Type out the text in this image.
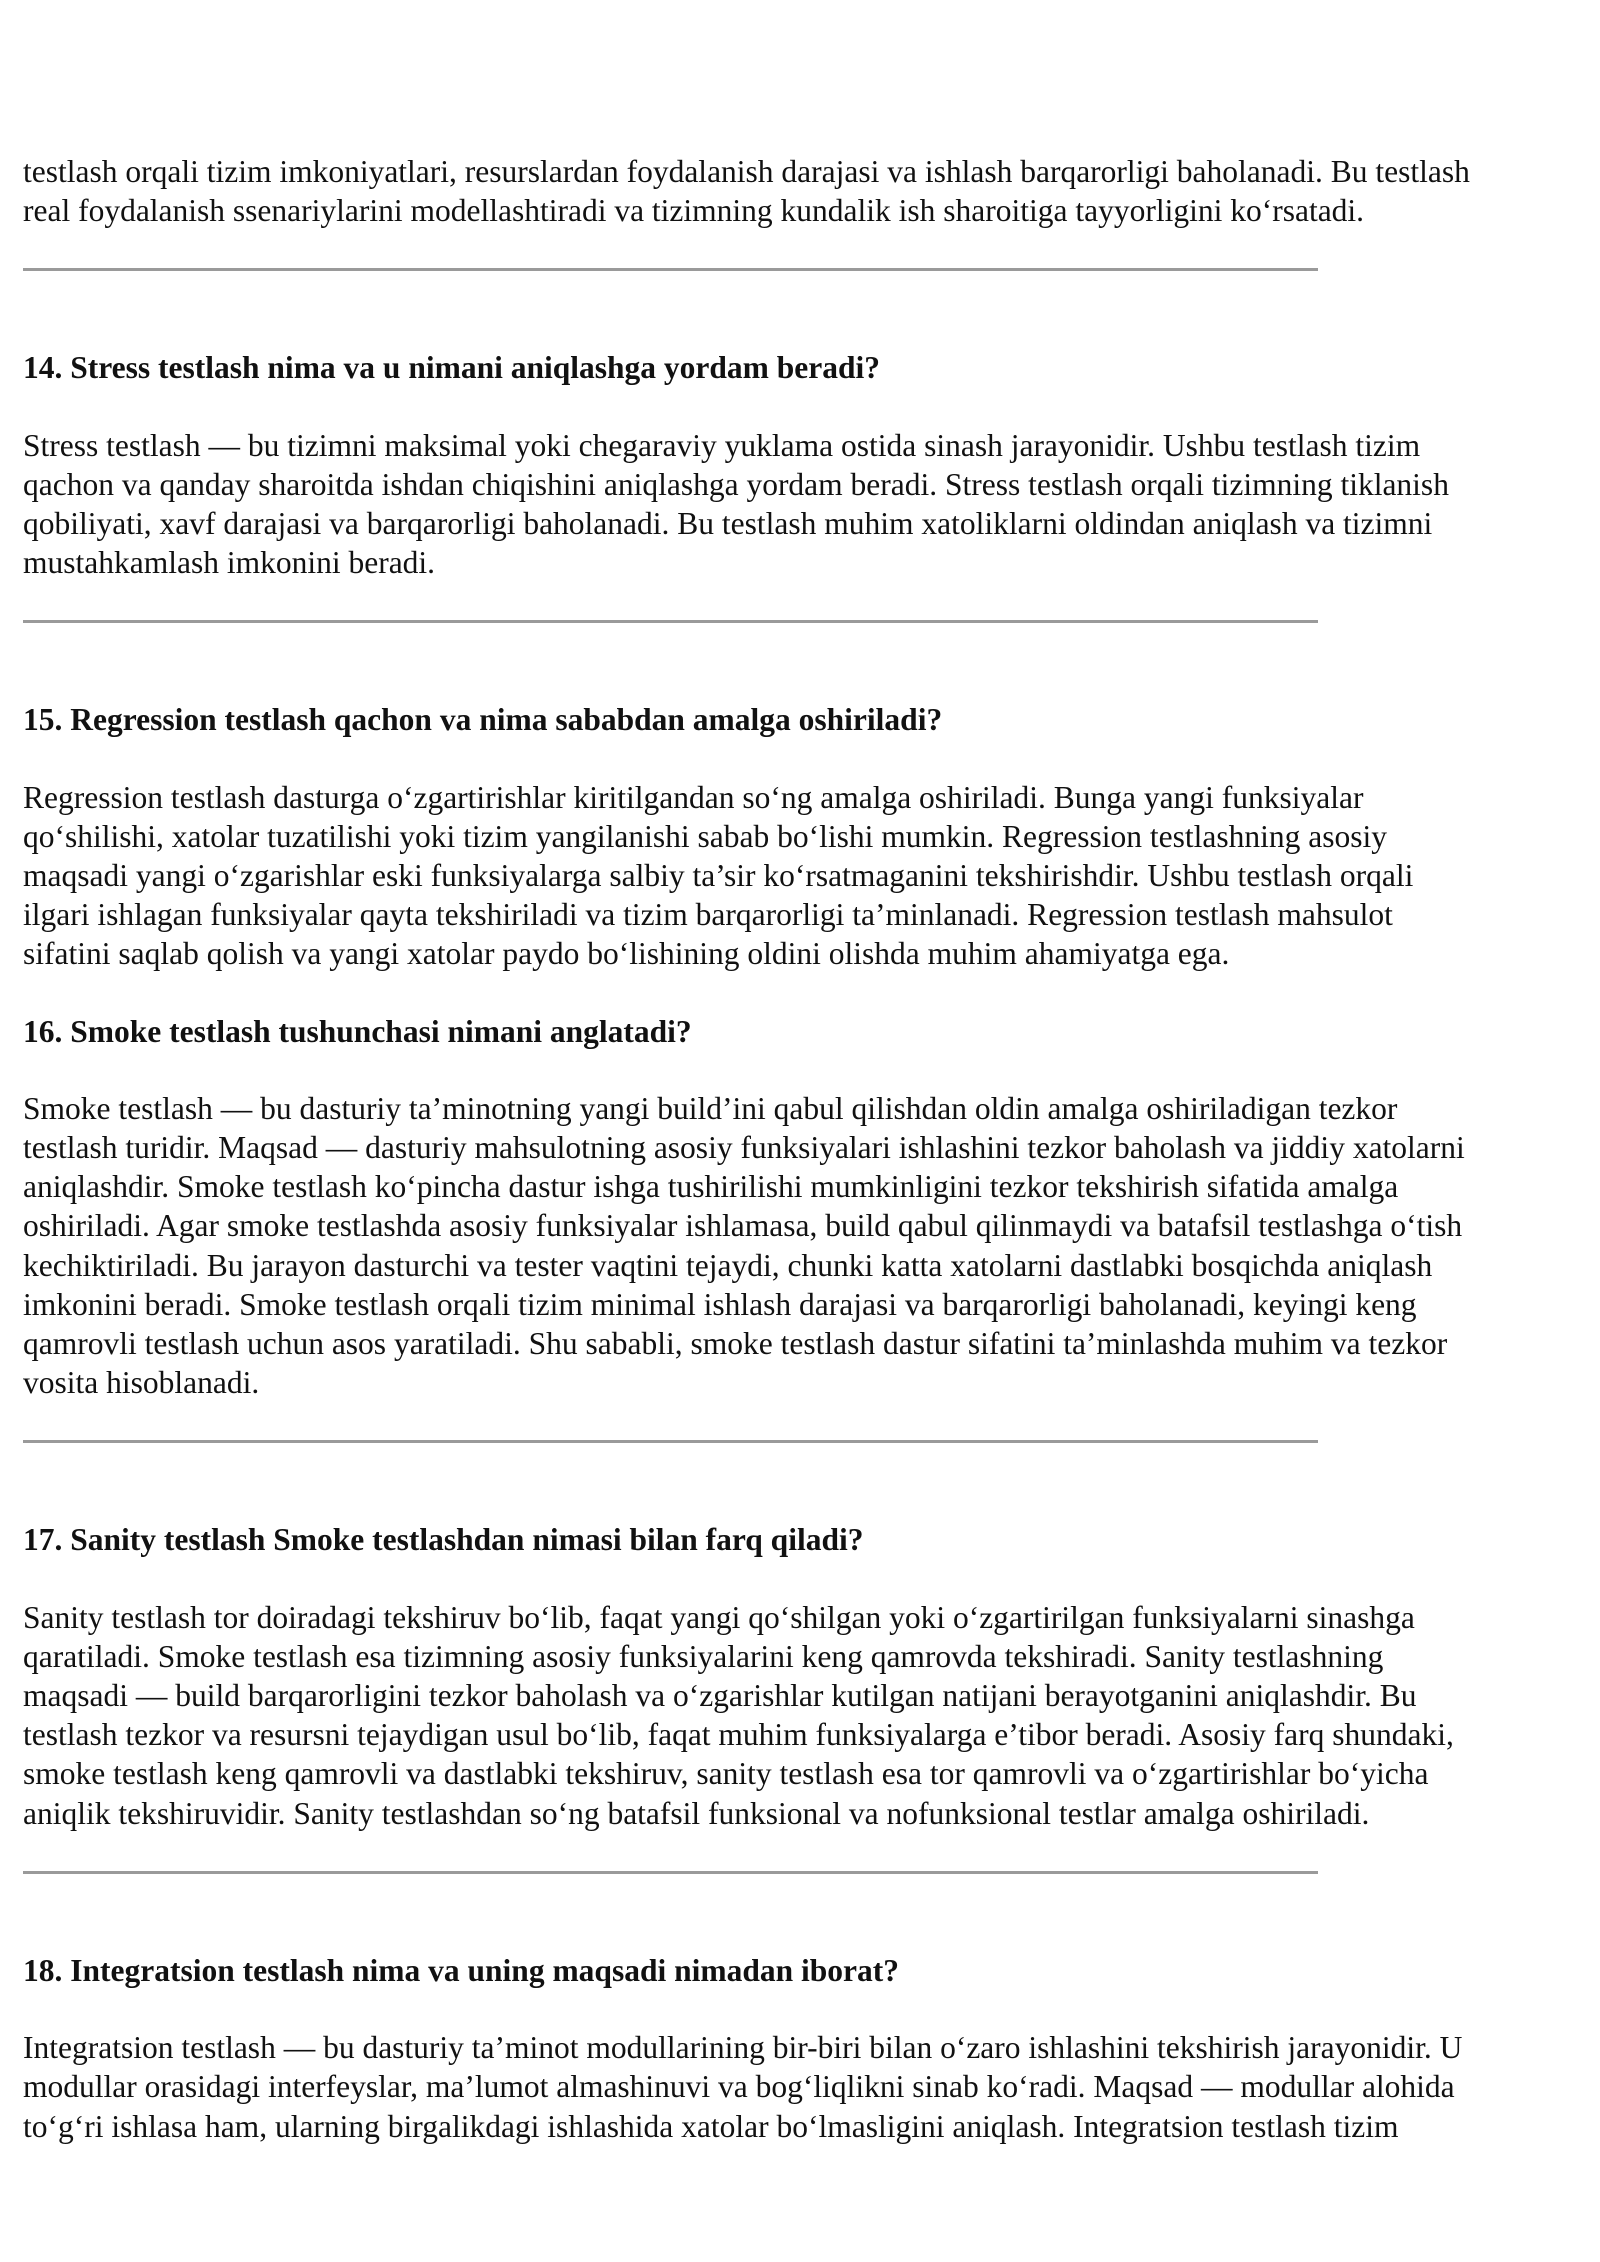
testlash orqali tizim imkoniyatlari, resurslardan foydalanish darajasi va ishlash barqarorligi baholanadi. Bu testlash
real foydalanish ssenariylarini modellashtiradi va tizimning kundalik ish sharoitiga tayyorligini ko‘rsatadi.
14. Stress testlash nima va u nimani aniqlashga yordam beradi?
Stress testlash — bu tizimni maksimal yoki chegaraviy yuklama ostida sinash jarayonidir. Ushbu testlash tizim
qachon va qanday sharoitda ishdan chiqishini aniqlashga yordam beradi. Stress testlash orqali tizimning tiklanish
qobiliyati, xavf darajasi va barqarorligi baholanadi. Bu testlash muhim xatoliklarni oldindan aniqlash va tizimni
mustahkamlash imkonini beradi.
15. Regression testlash qachon va nima sababdan amalga oshiriladi?
Regression testlash dasturga o‘zgartirishlar kiritilgandan so‘ng amalga oshiriladi. Bunga yangi funksiyalar
qo‘shilishi, xatolar tuzatilishi yoki tizim yangilanishi sabab bo‘lishi mumkin. Regression testlashning asosiy
maqsadi yangi o‘zgarishlar eski funksiyalarga salbiy ta’sir ko‘rsatmaganini tekshirishdir. Ushbu testlash orqali
ilgari ishlagan funksiyalar qayta tekshiriladi va tizim barqarorligi ta’minlanadi. Regression testlash mahsulot
sifatini saqlab qolish va yangi xatolar paydo bo‘lishining oldini olishda muhim ahamiyatga ega.
16. Smoke testlash tushunchasi nimani anglatadi?
Smoke testlash — bu dasturiy ta’minotning yangi build’ini qabul qilishdan oldin amalga oshiriladigan tezkor
testlash turidir. Maqsad — dasturiy mahsulotning asosiy funksiyalari ishlashini tezkor baholash va jiddiy xatolarni
aniqlashdir. Smoke testlash ko‘pincha dastur ishga tushirilishi mumkinligini tezkor tekshirish sifatida amalga
oshiriladi. Agar smoke testlashda asosiy funksiyalar ishlamasa, build qabul qilinmaydi va batafsil testlashga o‘tish
kechiktiriladi. Bu jarayon dasturchi va tester vaqtini tejaydi, chunki katta xatolarni dastlabki bosqichda aniqlash
imkonini beradi. Smoke testlash orqali tizim minimal ishlash darajasi va barqarorligi baholanadi, keyingi keng
qamrovli testlash uchun asos yaratiladi. Shu sababli, smoke testlash dastur sifatini ta’minlashda muhim va tezkor
vosita hisoblanadi.
17. Sanity testlash Smoke testlashdan nimasi bilan farq qiladi?
Sanity testlash tor doiradagi tekshiruv bo‘lib, faqat yangi qo‘shilgan yoki o‘zgartirilgan funksiyalarni sinashga
qaratiladi. Smoke testlash esa tizimning asosiy funksiyalarini keng qamrovda tekshiradi. Sanity testlashning
maqsadi — build barqarorligini tezkor baholash va o‘zgarishlar kutilgan natijani berayotganini aniqlashdir. Bu
testlash tezkor va resursni tejaydigan usul bo‘lib, faqat muhim funksiyalarga e’tibor beradi. Asosiy farq shundaki,
smoke testlash keng qamrovli va dastlabki tekshiruv, sanity testlash esa tor qamrovli va o‘zgartirishlar bo‘yicha
aniqlik tekshiruvidir. Sanity testlashdan so‘ng batafsil funksional va nofunksional testlar amalga oshiriladi.
18. Integratsion testlash nima va uning maqsadi nimadan iborat?
Integratsion testlash — bu dasturiy ta’minot modullarining bir-biri bilan o‘zaro ishlashini tekshirish jarayonidir. U
modullar orasidagi interfeyslar, ma’lumot almashinuvi va bog‘liqlikni sinab ko‘radi. Maqsad — modullar alohida
to‘g‘ri ishlasa ham, ularning birgalikdagi ishlashida xatolar bo‘lmasligini aniqlash. Integratsion testlash tizim
